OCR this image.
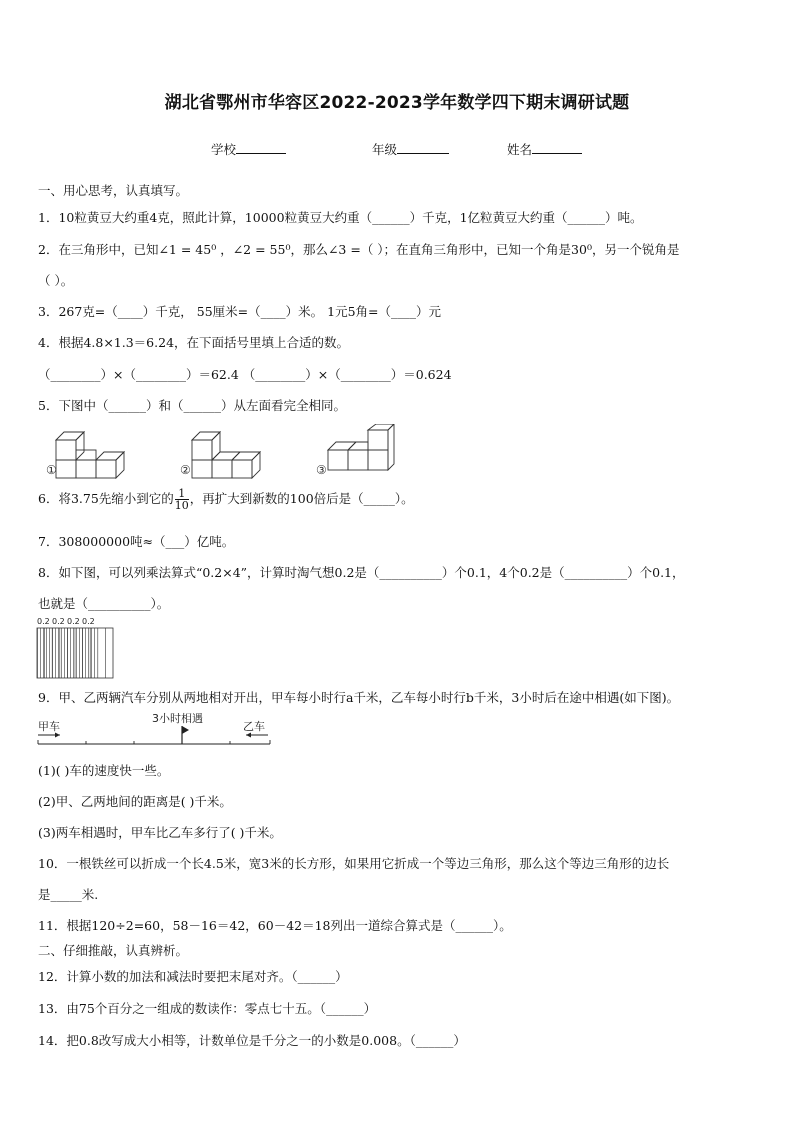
湖北省鄂州市华容区2022-2023学年数学四下期末调研试题
学校	年级	姓名
一、用心思考，认真填写。
1．10粒黄豆大约重4克，照此计算，10000粒黄豆大约重（______）千克，1亿粒黄豆大约重（______）吨。
2．在三角形中，已知∠1 = 45⁰ ，∠2 = 55⁰，那么∠3 =（ ）；在直角三角形中，已知一个角是30⁰，另一个锐角是
（ ）。
3．267克=（____）千克， 55厘米=（____）米。 1元5角=（____）元
4．根据4.8×1.3＝6.24，在下面括号里填上合适的数。
（________）×（________）＝62.4 （________）×（________）＝0.624
5．下图中（______）和（______）从左面看完全相同。
①	②	③
6．将3.75先缩小到它的 $\frac{1}{10}$ ，再扩大到新数的100倍后是（_____）。
7．308000000吨≈（___）亿吨。
8．如下图，可以列乘法算式“0.2×4”，计算时淘气想0.2是（__________）个0.1，4个0.2是（__________）个0.1，
也就是（__________）。
0.2 0.2 0.2 0.2
9．甲、乙两辆汽车分别从两地相对开出，甲车每小时行a千米，乙车每小时行b千米，3小时后在途中相遇(如下图)。
甲车	乙车
3小时相遇
(1)( )车的速度快一些。
(2)甲、乙两地间的距离是( )千米。
(3)两车相遇时，甲车比乙车多行了( )千米。
10．一根铁丝可以折成一个长4.5米，宽3米的长方形，如果用它折成一个等边三角形，那么这个等边三角形的边长
是_____米.
11．根据120÷2=60，58－16＝42，60－42＝18列出一道综合算式是（______）。
二、仔细推敲，认真辨析。
12．计算小数的加法和减法时要把末尾对齐。（______）
13．由75个百分之一组成的数读作：零点七十五。（______）
14．把0.8改写成大小相等，计数单位是千分之一的小数是0.008。（______）
